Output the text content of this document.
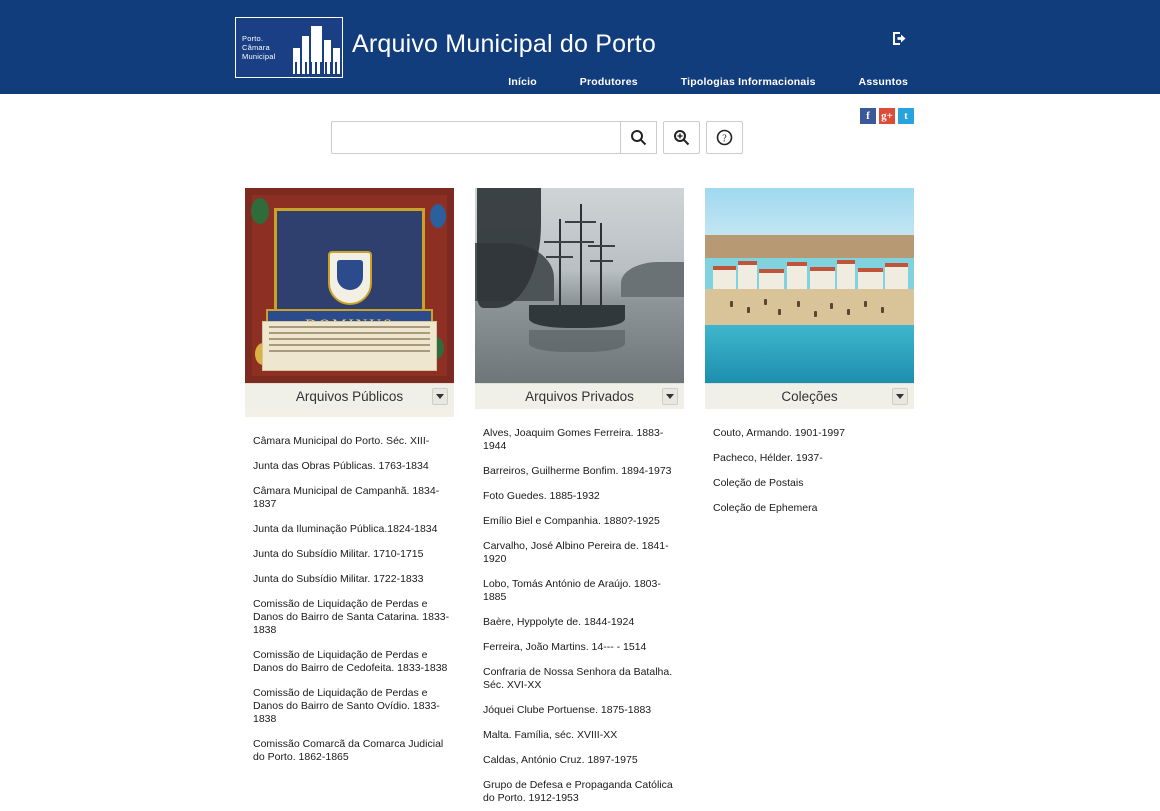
Porto.
Câmara
Municipal	Arquivo Municipal do Porto
Início	Produtores	Tipologias Informacionais	Assuntos
f	g+	t
?
Arquivos Públicos
Câmara Municipal do Porto. Séc. XIII-
Junta das Obras Públicas. 1763-1834
Câmara Municipal de Campanhã. 1834-1837
Junta da Iluminação Pública.1824-1834
Junta do Subsídio Militar. 1710-1715
Junta do Subsídio Militar. 1722-1833
Comissão de Liquidação de Perdas e Danos do Bairro de Santa Catarina. 1833-1838
Comissão de Liquidação de Perdas e Danos do Bairro de Cedofeita. 1833-1838
Comissão de Liquidação de Perdas e Danos do Bairro de Santo Ovídio. 1833-1838
Comissão Comarcã da Comarca Judicial do Porto. 1862-1865
Arquivos Privados
Alves, Joaquim Gomes Ferreira. 1883-1944
Barreiros, Guilherme Bonfim. 1894-1973
Foto Guedes. 1885-1932
Emílio Biel e Companhia. 1880?-1925
Carvalho, José Albino Pereira de. 1841-1920
Lobo, Tomás António de Araújo. 1803-1885
Baère, Hyppolyte de. 1844-1924
Ferreira, João Martins. 14--- - 1514
Confraria de Nossa Senhora da Batalha. Séc. XVI-XX
Jóquei Clube Portuense. 1875-1883
Malta. Família, séc. XVIII-XX
Caldas, António Cruz. 1897-1975
Grupo de Defesa e Propaganda Católica do Porto. 1912-1953
Coleções
Couto, Armando. 1901-1997
Pacheco, Hélder. 1937-
Coleção de Postais
Coleção de Ephemera
